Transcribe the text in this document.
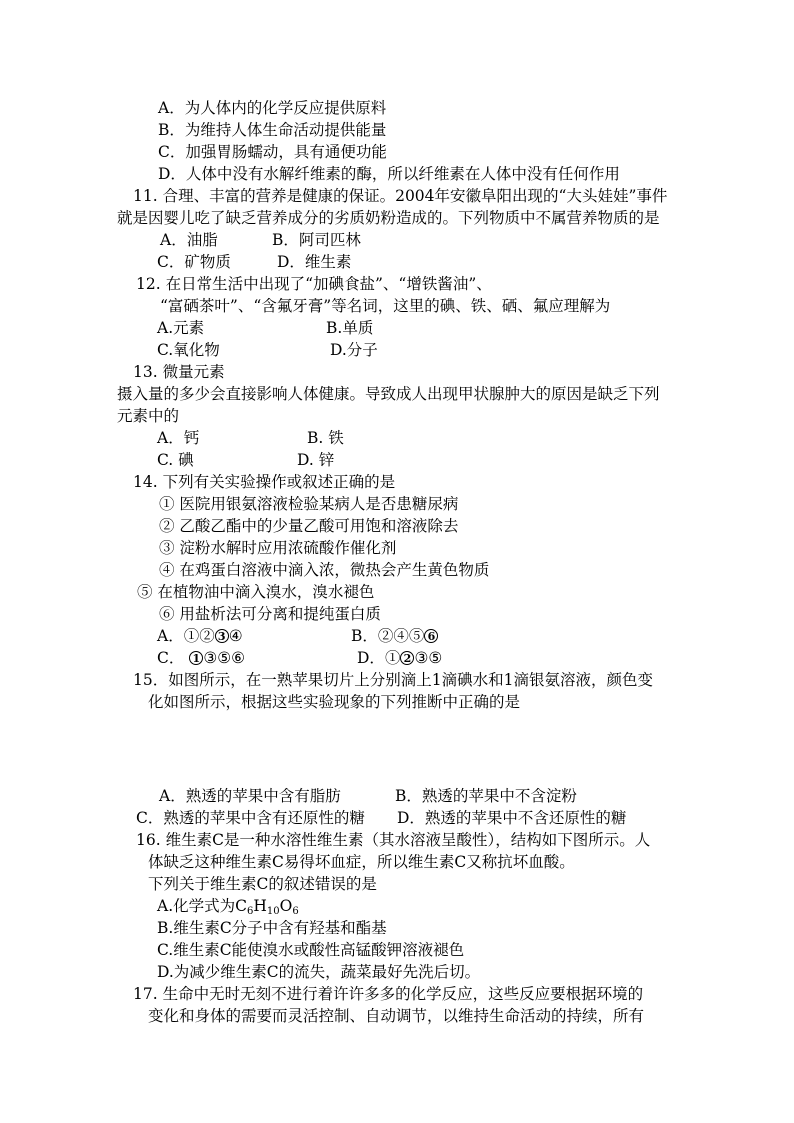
A．为人体内的化学反应提供原料
B．为维持人体生命活动提供能量
C．加强胃肠蠕动，具有通便功能
D．人体中没有水解纤维素的酶，所以纤维素在人体中没有任何作用
11. 合理、丰富的营养是健康的保证。2004年安徽阜阳出现的“大头娃娃”事件
就是因婴儿吃了缺乏营养成分的劣质奶粉造成的。下列物质中不属营养物质的是
A．油脂	B．阿司匹林
C．矿物质	D．维生素
12. 在日常生活中出现了“加碘食盐”、“增铁酱油”、
“富硒茶叶”、“含氟牙膏”等名词，这里的碘、铁、硒、氟应理解为
A.元素	B.单质
C.氧化物	D.分子
13. 微量元素
摄入量的多少会直接影响人体健康。导致成人出现甲状腺肿大的原因是缺乏下列
元素中的
A．钙	B. 铁
C. 碘	D. 锌
14. 下列有关实验操作或叙述正确的是
① 医院用银氨溶液检验某病人是否患糖尿病
② 乙酸乙酯中的少量乙酸可用饱和溶液除去
③ 淀粉水解时应用浓硫酸作催化剂
④ 在鸡蛋白溶液中滴入浓，微热会产生黄色物质
⑤ 在植物油中滴入溴水，溴水褪色
⑥ 用盐析法可分离和提纯蛋白质
A．①② 3 ④	B．②④⑤ 6
C． 1 ③⑤⑥	D．① 2 ③⑤
15．如图所示，在一熟苹果切片上分别滴上1滴碘水和1滴银氨溶液，颜色变
化如图所示，根据这些实验现象的下列推断中正确的是
A．熟透的苹果中含有脂肪	B．熟透的苹果中不含淀粉
C．熟透的苹果中含有还原性的糖 D．熟透的苹果中不含还原性的糖
16. 维生素C是一种水溶性维生素（其水溶液呈酸性），结构如下图所示。人
体缺乏这种维生素C易得坏血症，所以维生素C又称抗坏血酸。
下列关于维生素C的叙述错误的是
A.化学式为$C_6H_{10}O_6$
B.维生素C分子中含有羟基和酯基
C.维生素C能使溴水或酸性高锰酸钾溶液褪色
D.为减少维生素C的流失，蔬菜最好先洗后切。
17. 生命中无时无刻不进行着许许多多的化学反应，这些反应要根据环境的
变化和身体的需要而灵活控制、自动调节，以维持生命活动的持续，所有
